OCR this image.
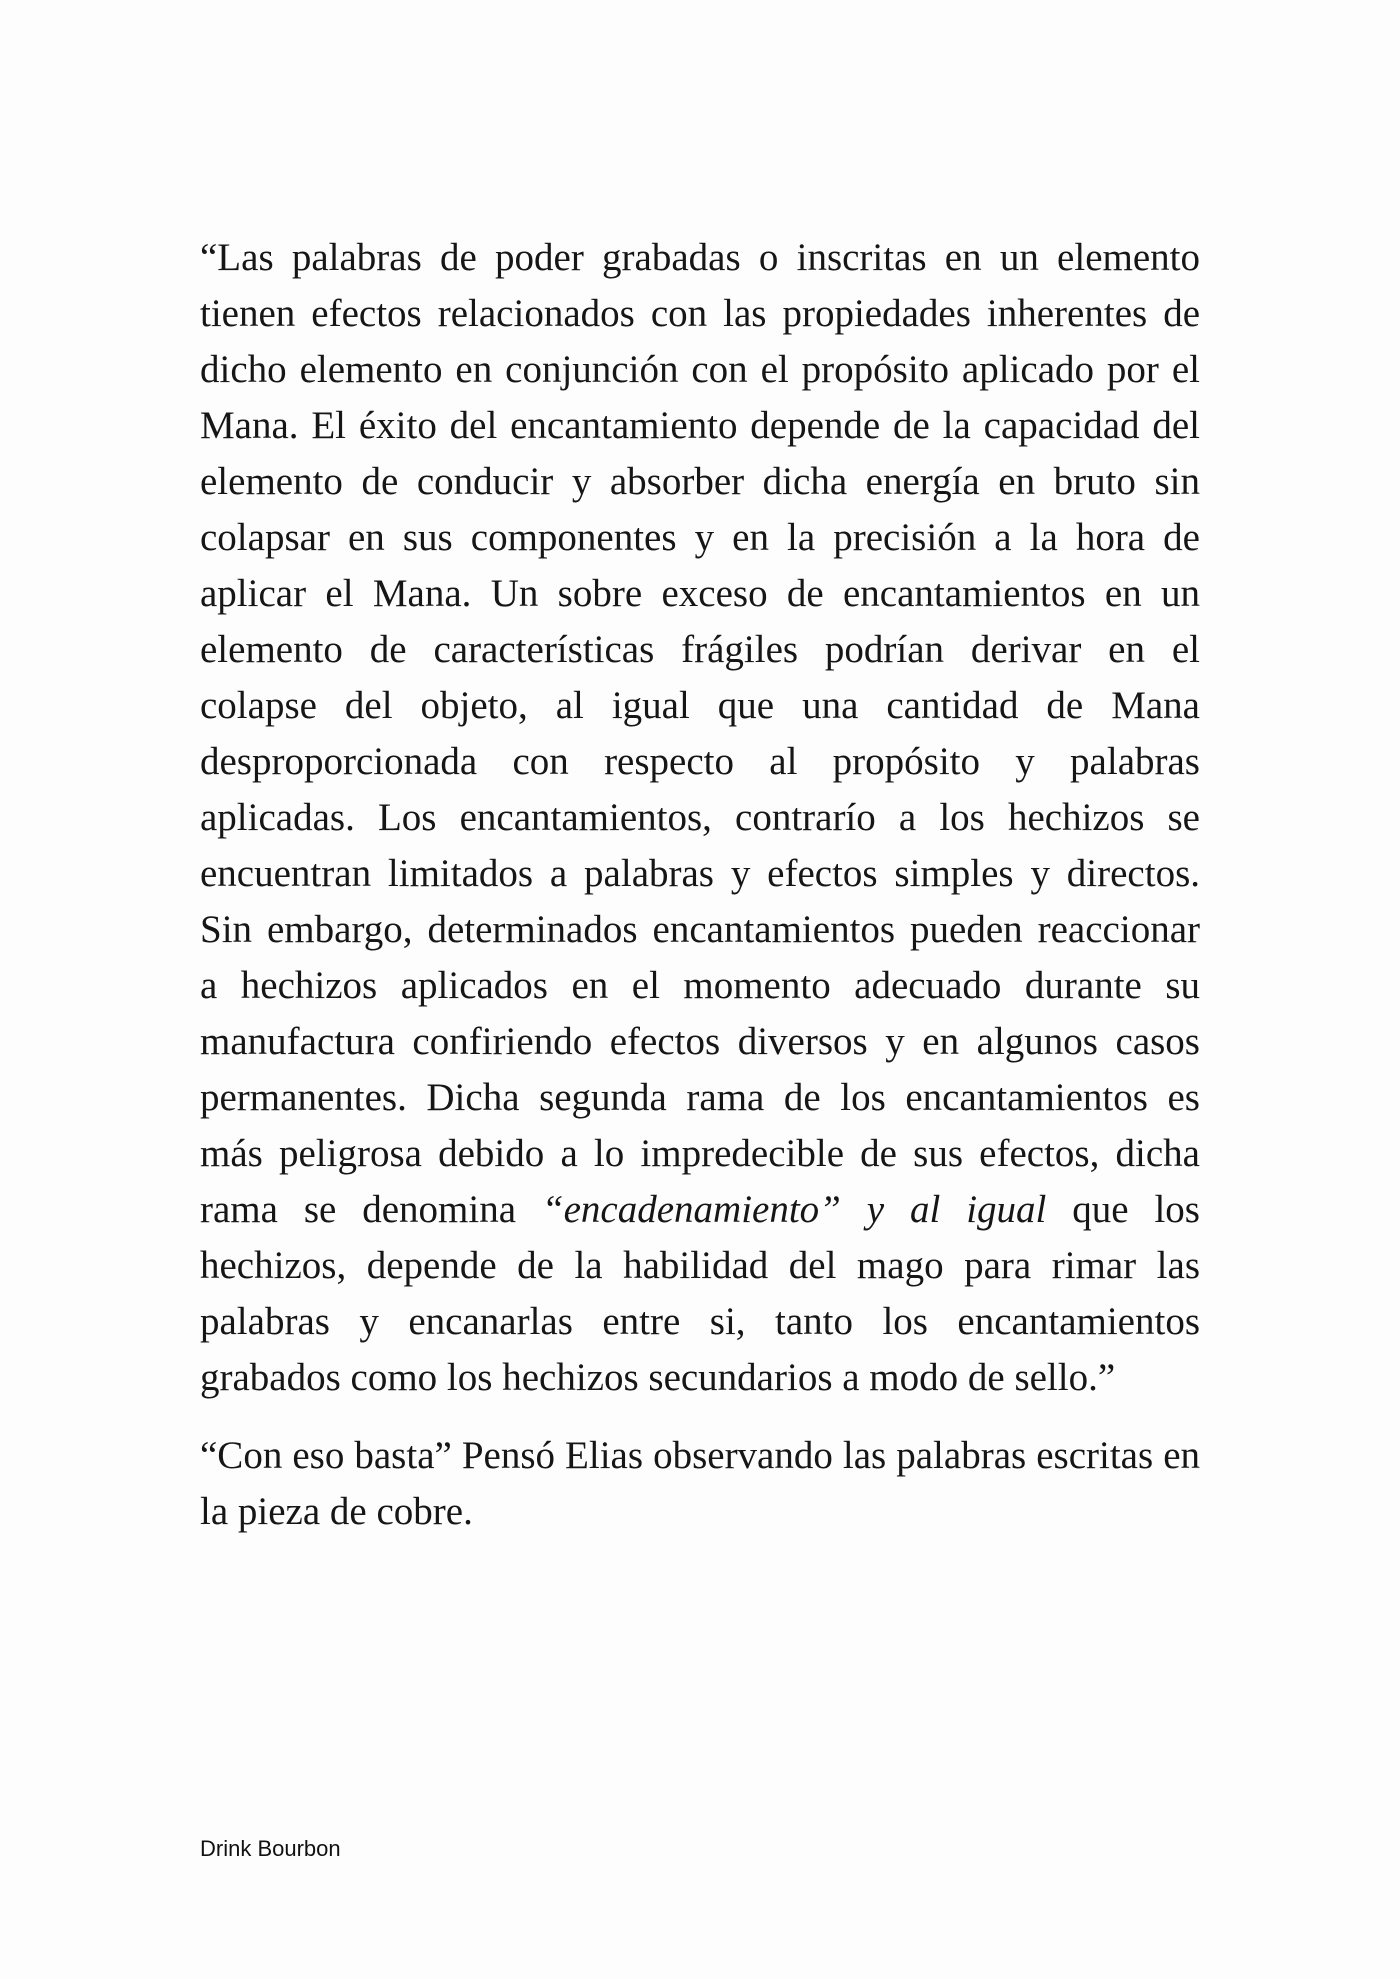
“Las palabras de poder grabadas o inscritas en un elemento tienen efectos relacionados con las propiedades inherentes de dicho elemento en conjunción con el propósito aplicado por el Mana. El éxito del encantamiento depende de la capacidad del elemento de conducir y absorber dicha energía en bruto sin colapsar en sus componentes y en la precisión a la hora de aplicar el Mana. Un sobre exceso de encantamientos en un elemento de características frágiles podrían derivar en el colapse del objeto, al igual que una cantidad de Mana desproporcionada con respecto al propósito y palabras aplicadas. Los encantamientos, contrarío a los hechizos se encuentran limitados a palabras y efectos simples y directos. Sin embargo, determinados encantamientos pueden reaccionar a hechizos aplicados en el momento adecuado durante su manufactura confiriendo efectos diversos y en algunos casos permanentes. Dicha segunda rama de los encantamientos es más peligrosa debido a lo impredecible de sus efectos, dicha rama se denomina “encadenamiento” y al igual que los hechizos, depende de la habilidad del mago para rimar las palabras y encanarlas entre si, tanto los encantamientos grabados como los hechizos secundarios a modo de sello.”

“Con eso basta” Pensó Elias observando las palabras escritas en la pieza de cobre.

Drink Bourbon
